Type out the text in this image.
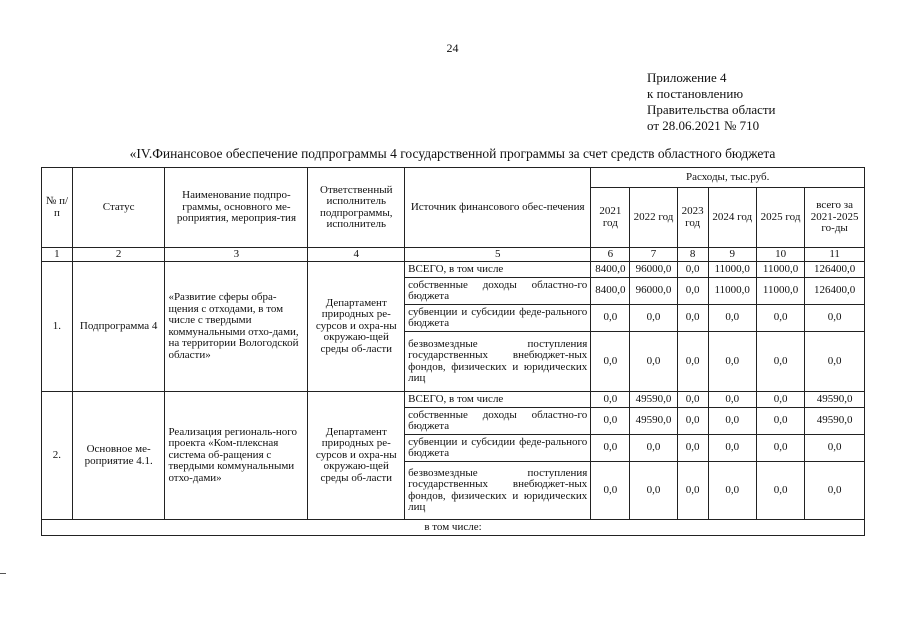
24
Приложение 4
к постановлению
Правительства области
от 28.06.2021 № 710
«IV.Финансовое обеспечение подпрограммы 4 государственной программы за счет средств областного бюджета
№ п/п	Статус	Наименование подпро-граммы, основного ме-роприятия, мероприя-тия	Ответственный исполнитель подпрограммы, исполнитель	Источник финансового обес-печения	Расходы, тыс.руб.					
					2021 год	2022 год	2023 год	2024 год	2025 год	всего за 2021-2025 го-ды
1	2	3	4	5	6	7	8	9	10	11
1.	Подпрограмма 4	«Развитие сферы обра-щения с отходами, в том числе с твердыми коммунальными отхо-дами, на территории Вологодской области»	Департамент природных ре-сурсов и охра-ны окружаю-щей среды об-ласти	ВСЕГО, в том числе	8400,0	96000,0	0,0	11000,0	11000,0	126400,0
				собственные доходы областно-го бюджета	8400,0	96000,0	0,0	11000,0	11000,0	126400,0
				субвенции и субсидии феде-рального бюджета	0,0	0,0	0,0	0,0	0,0	0,0
				безвозмездные поступления государственных внебюджет-ных фондов, физических и юридических лиц	0,0	0,0	0,0	0,0	0,0	0,0
2.	Основное ме-роприятие 4.1.	Реализация региональ-ного проекта «Ком-плексная система об-ращения с твердыми коммунальными отхо-дами»	Департамент природных ре-сурсов и охра-ны окружаю-щей среды об-ласти	ВСЕГО, в том числе	0,0	49590,0	0,0	0,0	0,0	49590,0
				собственные доходы областно-го бюджета	0,0	49590,0	0,0	0,0	0,0	49590,0
				субвенции и субсидии феде-рального бюджета	0,0	0,0	0,0	0,0	0,0	0,0
				безвозмездные поступления государственных внебюджет-ных фондов, физических и юридических лиц	0,0	0,0	0,0	0,0	0,0	0,0
в том числе:										
